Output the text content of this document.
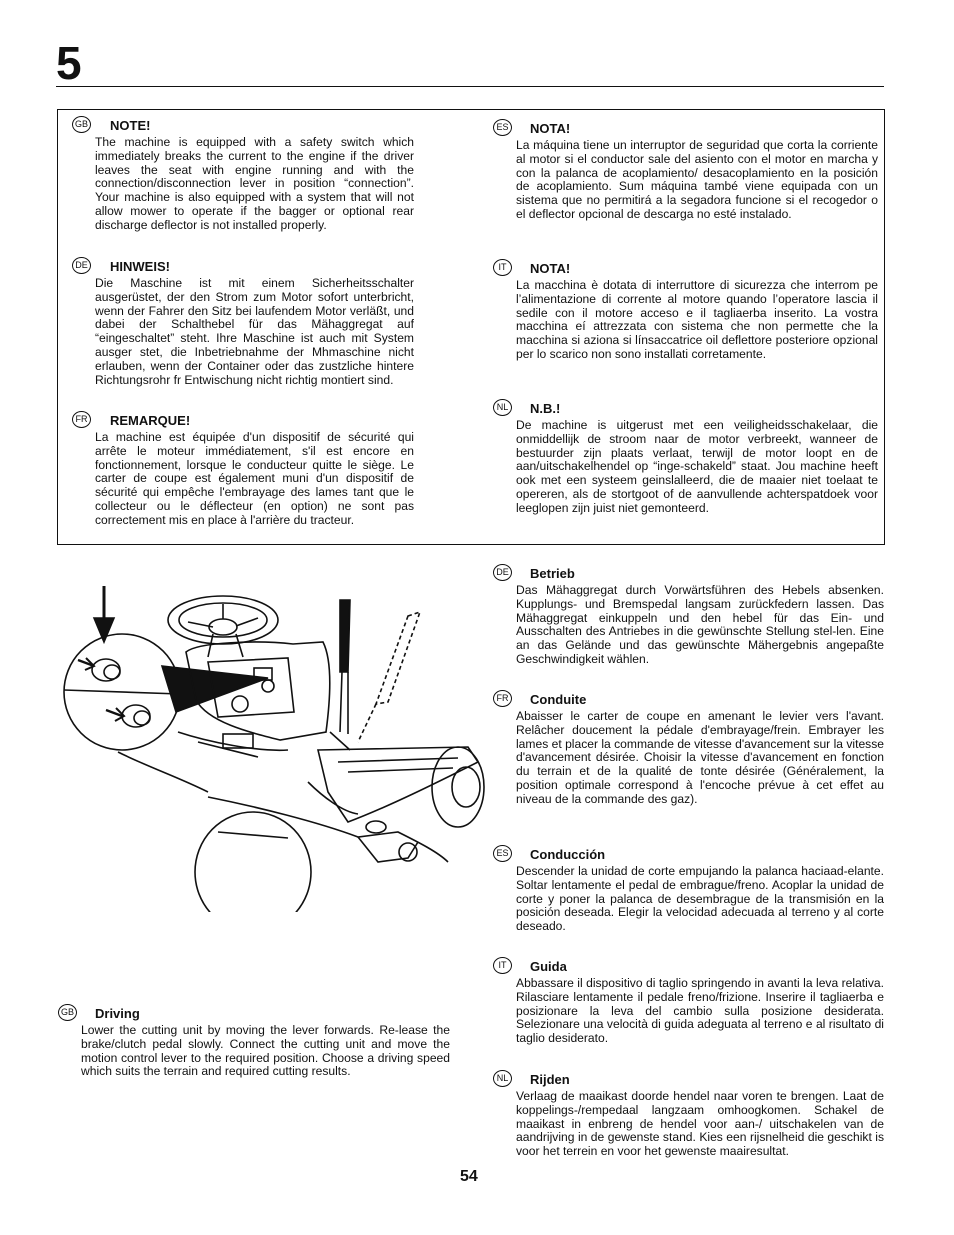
5
GB NOTE!
The machine is equipped with a safety switch which immediately breaks the current to the engine if the driver leaves the seat with engine running and with the connection/disconnection lever in position “connection”. Your machine is also equipped with a system that will not allow mower to operate if the bagger or optional rear discharge deflector is not installed properly.
DE HINWEIS!
Die Maschine ist mit einem Sicherheitsschalter ausgerüstet, der den Strom zum Motor sofort unterbricht, wenn der Fahrer den Sitz bei laufendem Motor verläßt, und dabei der Schalthebel für das Mähaggregat auf “eingeschaltet” steht. Ihre Maschine ist auch mit System ausger stet, die Inbetriebnahme der Mhmaschine nicht erlauben, wenn der Container oder das zustzliche hintere Richtungsrohr fr Entwischung nicht richtig montiert sind.
FR REMARQUE!
La machine est équipée d'un dispositif de sécurité qui arrête le moteur immédiatement, s'il est encore en fonctionnement, lorsque le conducteur quitte le siège. Le carter de coupe est également muni d'un dispositif de sécurité qui empêche l'embrayage des lames tant que le collecteur ou le déflecteur (en option) ne sont pas correctement mis en place à l'arrière du tracteur.
ES NOTA!
La máquina tiene un interruptor de seguridad que corta la corriente al motor si el conductor sale del asiento con el motor en marcha y con la palanca de acoplamiento/ desacoplamiento en la posición de acoplamiento. Sum máquina també viene equipada con un sistema que no permitirá a la segadora funcione si el recogedor o el deflector opcional de descarga no esté instalado.
IT	NOTA!
La macchina è dotata di interruttore di sicurezza che interrom pe l’alimentazione di corrente al motore quando l’operatore lascia il sedile con il motore acceso e il tagliaerba inserito. La vostra macchina eí attrezzata con sistema che non permette che la macchina si aziona si línsaccatrice oil deflettore posteriore opzional per lo scarico non sono installati corretamente.
NL N.B.!
De machine is uitgerust met een veiligheidsschakelaar, die onmiddellijk de stroom naar de motor verbreekt, wanneer de bestuurder zijn plaats verlaat, terwijl de motor loopt en de aan/uitschakelhendel op “inge-schakeld” staat. Jou machine heeft ook met een systeem geinslalleerd, die de maaier niet toelaat te opereren, als de stortgoot of de aanvullende achterspatdoek voor leeglopen zijn juist niet gemonteerd.
GB Driving
Lower the cutting unit by moving the lever forwards. Re-lease the brake/clutch pedal slowly. Connect the cutting unit and move the motion control lever to the required position. Choose a driving speed which suits the terrain and required cutting results.
DE Betrieb
Das Mähaggregat durch Vorwärtsführen des Hebels absenken. Kupplungs- und Bremspedal langsam zurückfedern lassen. Das Mähaggregat einkuppeln und den hebel für das Ein- und Ausschalten des Antriebes in die gewünschte Stellung stel-len. Eine an das Gelände und das gewünschte Mähergebnis angepaßte Geschwindigkeit wählen.
FR Conduite
Abaisser le carter de coupe en amenant le levier vers l'avant. Relâcher doucement la pédale d'embrayage/frein. Embrayer les lames et placer la commande de vitesse d'avancement sur la vitesse d'avancement désirée. Choisir la vitesse d'avancement en fonction du terrain et de la qualité de tonte désirée (Généralement, la position optimale correspond à l'encoche prévue à cet effet au niveau de la commande des gaz).
ES Conducción
Descender la unidad de corte empujando la palanca haciaad-elante. Soltar lentamente el pedal de embrague/freno. Acoplar la unidad de corte y poner la palanca de desembrague de la transmisión en la posición deseada. Elegir la velocidad adecuada al terreno y al corte deseado.
IT	Guida
Abbassare il dispositivo di taglio springendo in avanti la leva relativa. Rilasciare lentamente il pedale freno/frizione. Inserire il tagliaerba e posizionare la leva del cambio sulla posizione desiderata. Selezionare una velocità di guida adeguata al terreno e al risultato di taglio desiderato.
NL Rijden
Verlaag de maaikast doorde hendel naar voren te brengen. Laat de koppelings-/rempedaal langzaam omhoogkomen. Schakel de maaikast in enbreng de hendel voor aan-/ uitschakelen van de aandrijving in de gewenste stand. Kies een rijsnelheid die geschikt is voor het terrein en voor het gewenste maairesultat.
54
